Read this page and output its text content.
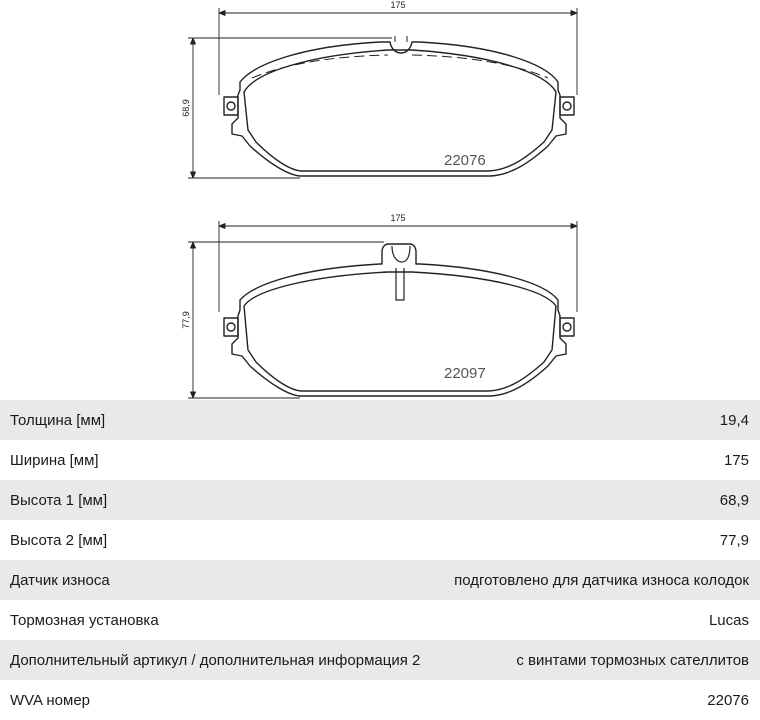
175
68,9
22076
175
77,9
22097
Толщина [мм]	19,4
Ширина [мм]	175
Высота 1 [мм]	68,9
Высота 2 [мм]	77,9
Датчик износа	подготовлено для датчика износа колодок
Тормозная установка	Lucas
Дополнительный артикул / дополнительная информация 2	с винтами тормозных сателлитов
WVA номер	22076
